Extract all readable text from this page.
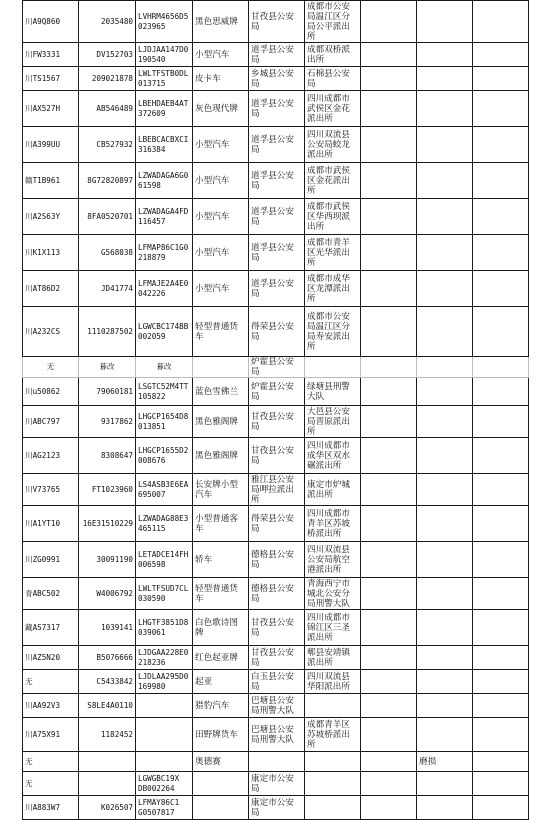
川A9Q860	2035480	LVHRM4656D5
023965	黑色思威牌	甘孜县公安局	成都市公安局温江区分局公平派出所			
川FW3331	DV152703	LJDJAA147D0
190540	小型汽车	道孚县公安局	成都双桥派出所			
川TS1567	209021878	LWLTFSTB0DL
013715	皮卡车	乡城县公安局	石棉县公安局			
川AX527H	AB546489	LBEHDAEB4AT
372609	灰色现代牌	道孚县公安局	四川成都市武侯区金花派出所			
川A399UU	CB527932	LBEBCACBXCI
316384	小型汽车	道孚县公安局	四川双流县公安局蛟龙派出所			
赣T1B961	8G72820897	LZWADAGA6G0
61598	小型汽车	道孚县公安局	成都市武侯区金花派出所			
川A2S63Y	8FA0520701	LZWADAGA4FD
116457	小型汽车	道孚县公安局	成都市武侯区华西坝派出所			
川K1X113	G568038	LFMAP86C1G0
218879	小型汽车	道孚县公安局	成都市青羊区光华派出所			
川AT86D2	JD41774	LFMAJE2A4E0
042226	小型汽车	道孚县公安局	成都市成华区龙潭派出所			
川A232CS	1110287502	LGWCBC174BB
002059	轻型普通货车	得荣县公安局	成都市公安局温江区分局寿安派出所			
无	暮改	暮改		炉霍县公安局				
川u50862	79060181	LSGTC52M4TT
105822	蓝色雪佛兰	炉霍县公安局	绿塘县刑警大队			
川ABC797	9317862	LHGCP1654D8
013851	黑色雅阁牌	甘孜县公安局	大邑县公安局晋原派出所			
川AG2123	8308647	LHGCP1655D2
008676	黑色雅阁牌	甘孜县公安局	四川成都市成华区双水碾派出所			
川V73765	FT1023960	LS4ASB3E6EA
695007	长安牌小型汽车	雅江县公安局呷拉派出所	康定市炉城派出所			
川A1YT10	16E31510229	LZWADAG88E3
465115	小型普通客车	得荣县公安局	四川成都市青羊区苏坡桥派出所			
川ZG0991	30091190	LETADCE14FH
006598	轿车	德格县公安局	四川双流县公安局航空港派出所			
青ABC502	W4006792	LWLTFSUD7CL
030590	轻型普通货车	德格县公安局	青海西宁市城北公安分局刑警大队			
藏AS7317	1039141	LHGTF3851D8
039061	白色歌诗图牌	甘孜县公安局	四川成都市锦江区三圣派出所			
川AZ5N20	B5076666	LJDGAA228E0
218236	红色起亚牌	甘孜县公安局	郫县安靖镇派出所			
无	C5433842	LJDLAA295D0
169980	起亚	白玉县公安局	四川双流县华阳派出所			
川AA92V3	S8LE4A0110		猎豹汽车	巴塘县公安局刑警大队				
川A75X91	1182452		田野牌货车	巴塘县公安局刑警大队	成都青羊区苏坡桥派出所			
无			奥德赛				磨损	
无		LGWGBC19X
DB002264		康定市公安局				
川A883W7	K026507	LFMAY86C1
G0507817		康定市公安局				
